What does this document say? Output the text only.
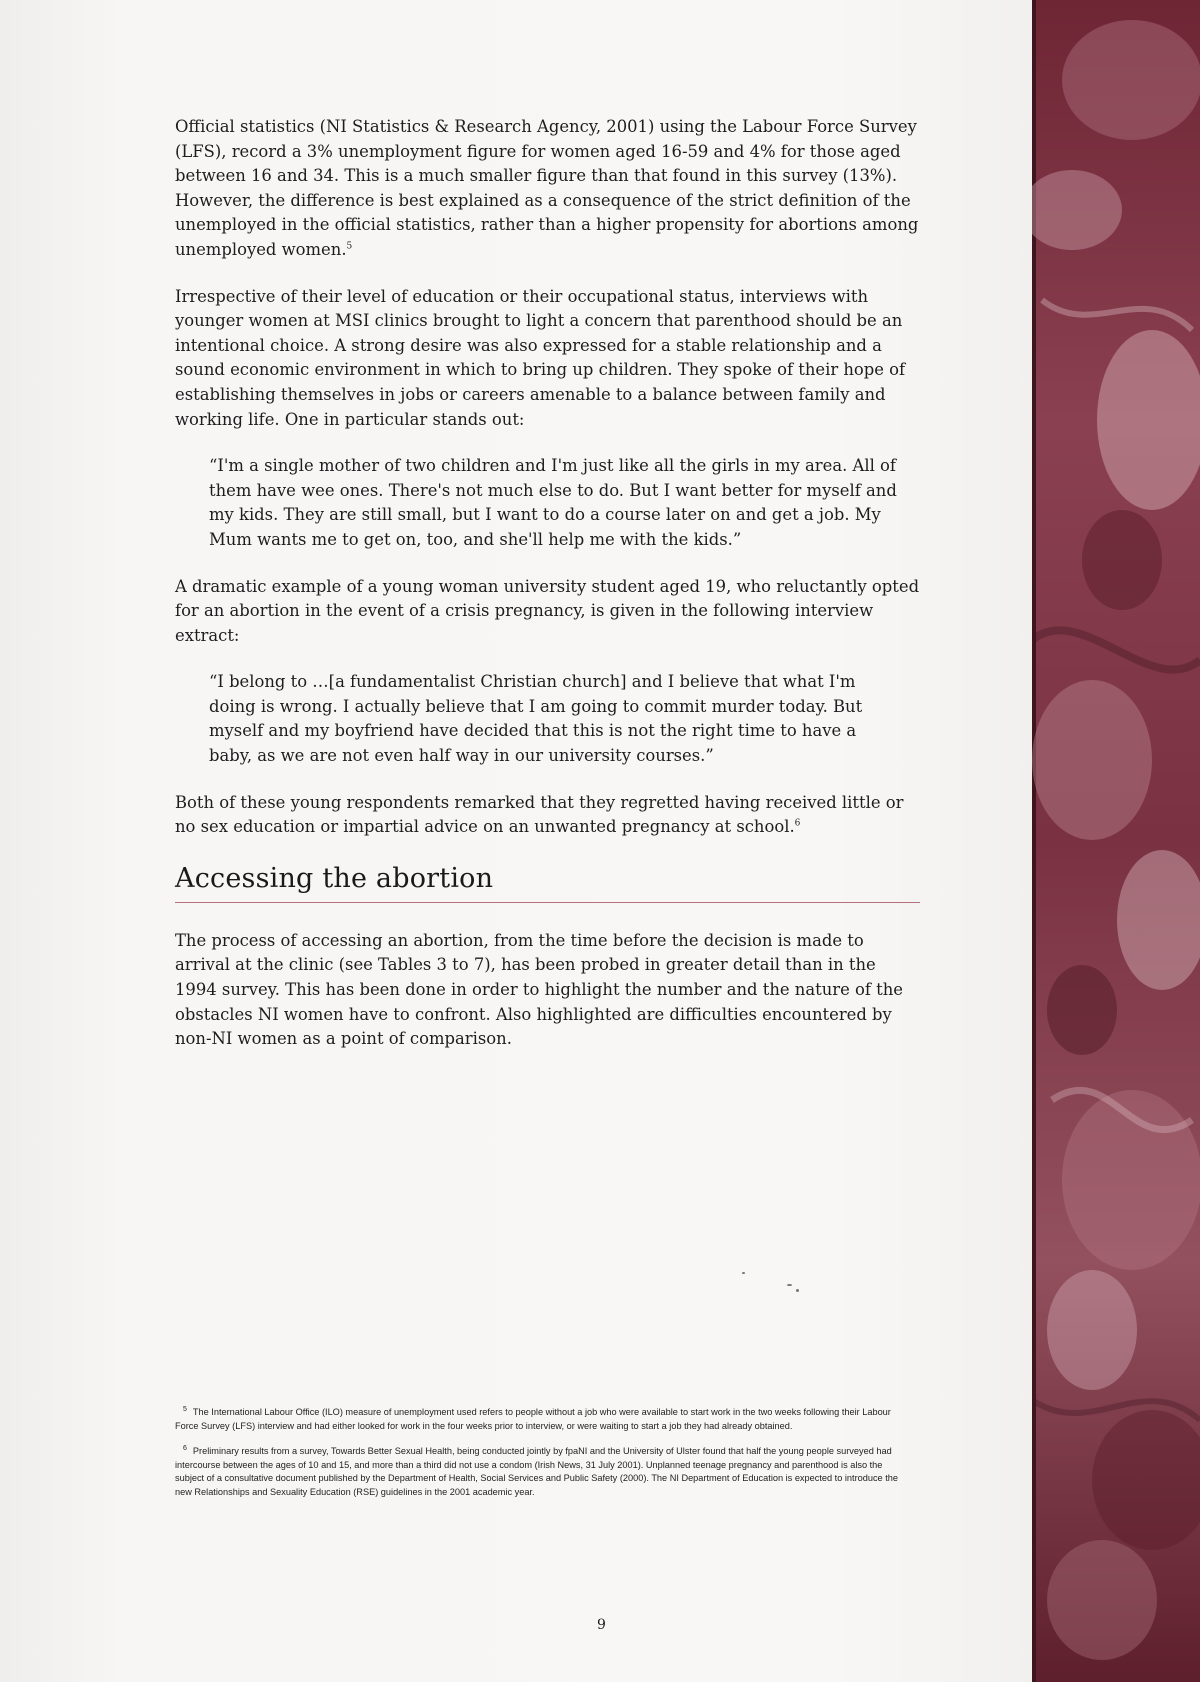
Official statistics (NI Statistics & Research Agency, 2001) using the Labour Force Survey (LFS), record a 3% unemployment figure for women aged 16-59 and 4% for those aged between 16 and 34. This is a much smaller figure than that found in this survey (13%). However, the difference is best explained as a consequence of the strict definition of the unemployed in the official statistics, rather than a higher propensity for abortions among unemployed women.$^5$

Irrespective of their level of education or their occupational status, interviews with younger women at MSI clinics brought to light a concern that parenthood should be an intentional choice. A strong desire was also expressed for a stable relationship and a sound economic environment in which to bring up children. They spoke of their hope of establishing themselves in jobs or careers amenable to a balance between family and working life. One in particular stands out:

“I'm a single mother of two children and I'm just like all the girls in my area. All of them have wee ones. There's not much else to do. But I want better for myself and my kids. They are still small, but I want to do a course later on and get a job. My Mum wants me to get on, too, and she'll help me with the kids.”

A dramatic example of a young woman university student aged 19, who reluctantly opted for an abortion in the event of a crisis pregnancy, is given in the following interview extract:

“I belong to …[a fundamentalist Christian church] and I believe that what I'm doing is wrong. I actually believe that I am going to commit murder today. But myself and my boyfriend have decided that this is not the right time to have a baby, as we are not even half way in our university courses.”

Both of these young respondents remarked that they regretted having received little or no sex education or impartial advice on an unwanted pregnancy at school.$^6$

Accessing the abortion

The process of accessing an abortion, from the time before the decision is made to arrival at the clinic (see Tables 3 to 7), has been probed in greater detail than in the 1994 survey. This has been done in order to highlight the number and the nature of the obstacles NI women have to confront. Also highlighted are difficulties encountered by non-NI women as a point of comparison.

$^5$ The International Labour Office (ILO) measure of unemployment used refers to people without a job who were available to start work in the two weeks following their Labour Force Survey (LFS) interview and had either looked for work in the four weeks prior to interview, or were waiting to start a job they had already obtained.

$^6$ Preliminary results from a survey, Towards Better Sexual Health, being conducted jointly by fpaNI and the University of Ulster found that half the young people surveyed had intercourse between the ages of 10 and 15, and more than a third did not use a condom (Irish News, 31 July 2001). Unplanned teenage pregnancy and parenthood is also the subject of a consultative document published by the Department of Health, Social Services and Public Safety (2000). The NI Department of Education is expected to introduce the new Relationships and Sexuality Education (RSE) guidelines in the 2001 academic year.

9
